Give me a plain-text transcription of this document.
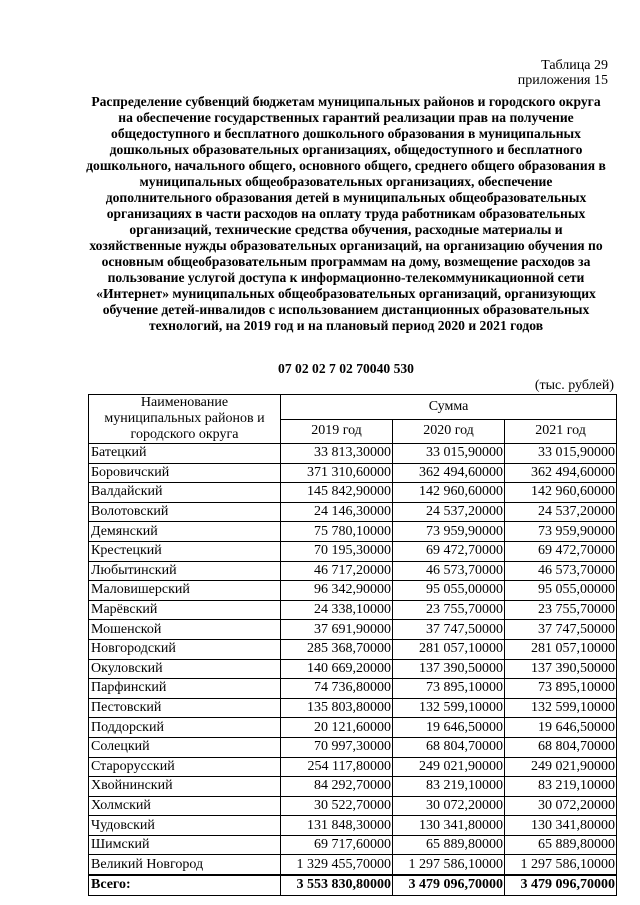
Таблица 29
приложения 15
Распределение субвенций бюджетам муниципальных районов и городского округа на обеспечение государственных гарантий реализации прав на получение общедоступного и бесплатного дошкольного образования в муниципальных дошкольных образовательных организациях, общедоступного и бесплатного дошкольного, начального общего, основного общего, среднего общего образования в муниципальных общеобразовательных организациях, обеспечение дополнительного образования детей в муниципальных общеобразовательных организациях в части расходов на оплату труда работникам образовательных организаций, технические средства обучения, расходные материалы и хозяйственные нужды образовательных организаций, на организацию обучения по основным общеобразовательным программам на дому, возмещение расходов за пользование услугой доступа к информационно-телекоммуникационной сети «Интернет» муниципальных общеобразовательных организаций, организующих обучение детей-инвалидов с использованием дистанционных образовательных технологий, на 2019 год и на плановый период 2020 и 2021 годов
07 02 02 7 02 70040 530
(тыс. рублей)
Наименование муниципальных районов и городского округа	Сумма		
	2019 год	2020 год	2021 год
Батецкий	33 813,30000	33 015,90000	33 015,90000
Боровичский	371 310,60000	362 494,60000	362 494,60000
Валдайский	145 842,90000	142 960,60000	142 960,60000
Волотовский	24 146,30000	24 537,20000	24 537,20000
Демянский	75 780,10000	73 959,90000	73 959,90000
Крестецкий	70 195,30000	69 472,70000	69 472,70000
Любытинский	46 717,20000	46 573,70000	46 573,70000
Маловишерский	96 342,90000	95 055,00000	95 055,00000
Марёвский	24 338,10000	23 755,70000	23 755,70000
Мошенской	37 691,90000	37 747,50000	37 747,50000
Новгородский	285 368,70000	281 057,10000	281 057,10000
Окуловский	140 669,20000	137 390,50000	137 390,50000
Парфинский	74 736,80000	73 895,10000	73 895,10000
Пестовский	135 803,80000	132 599,10000	132 599,10000
Поддорский	20 121,60000	19 646,50000	19 646,50000
Солецкий	70 997,30000	68 804,70000	68 804,70000
Старорусский	254 117,80000	249 021,90000	249 021,90000
Хвойнинский	84 292,70000	83 219,10000	83 219,10000
Холмский	30 522,70000	30 072,20000	30 072,20000
Чудовский	131 848,30000	130 341,80000	130 341,80000
Шимский	69 717,60000	65 889,80000	65 889,80000
Великий Новгород	1 329 455,70000	1 297 586,10000	1 297 586,10000
Всего:	3 553 830,80000	3 479 096,70000	3 479 096,70000
